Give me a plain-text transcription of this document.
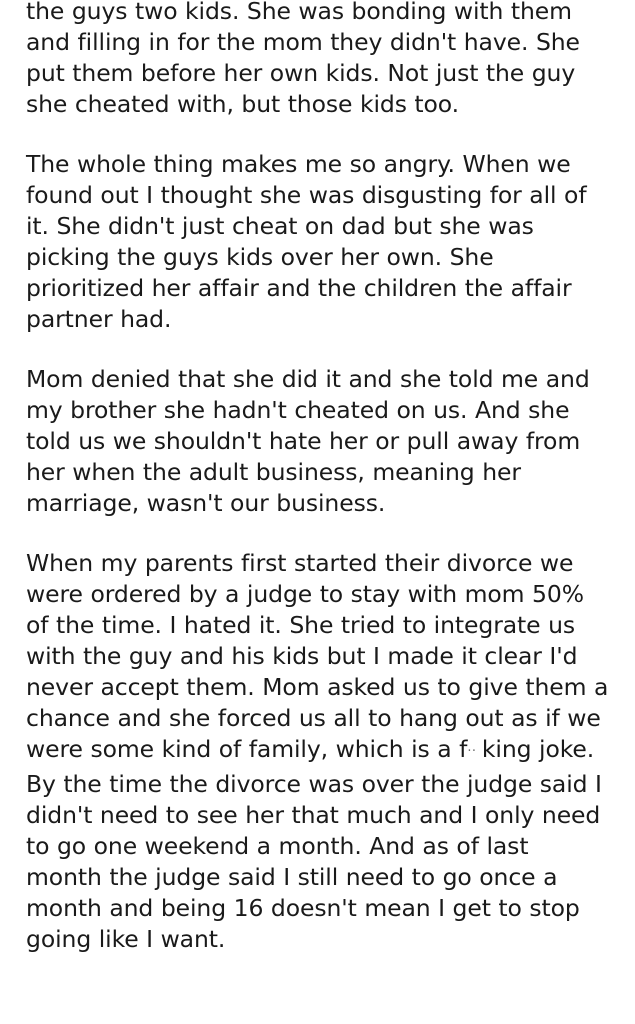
the guys two kids. She was bonding with them and filling in for the mom they didn't have. She put them before her own kids. Not just the guy she cheated with, but those kids too.

The whole thing makes me so angry. When we found out I thought she was disgusting for all of it. She didn't just cheat on dad but she was picking the guys kids over her own. She prioritized her affair and the children the affair partner had.

Mom denied that she did it and she told me and my brother she hadn't cheated on us. And she told us we shouldn't hate her or pull away from her when the adult business, meaning her marriage, wasn't our business.

When my parents first started their divorce we were ordered by a judge to stay with mom 50% of the time. I hated it. She tried to integrate us with the guy and his kids but I made it clear I'd never accept them. Mom asked us to give them a chance and she forced us all to hang out as if we were some kind of family, which is a f·· king joke. By the time the divorce was over the judge said I didn't need to see her that much and I only need to go one weekend a month. And as of last month the judge said I still need to go once a month and being 16 doesn't mean I get to stop going like I want.
